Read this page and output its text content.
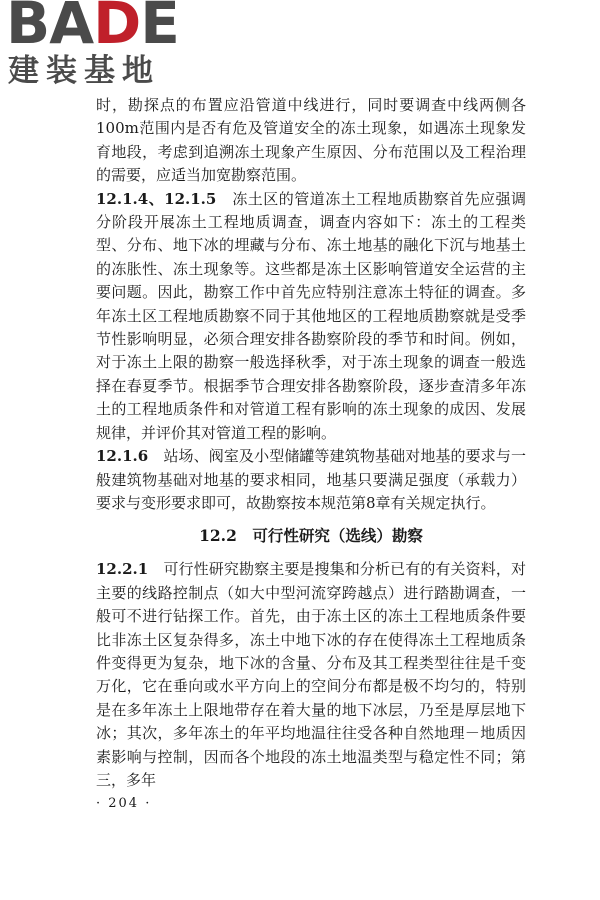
BADE
建装基地

时，勘探点的布置应沿管道中线进行，同时要调查中线两侧各100m范围内是否有危及管道安全的冻土现象，如遇冻土现象发育地段，考虑到追溯冻土现象产生原因、分布范围以及工程治理的需要，应适当加宽勘察范围。

12.1.4、12.1.5　 冻土区的管道冻土工程地质勘察首先应强调分阶段开展冻土工程地质调查，调查内容如下：冻土的工程类型、分布、地下冰的埋藏与分布、冻土地基的融化下沉与地基土的冻胀性、冻土现象等。这些都是冻土区影响管道安全运营的主要问题。因此，勘察工作中首先应特别注意冻土特征的调查。多年冻土区工程地质勘察不同于其他地区的工程地质勘察就是受季节性影响明显，必须合理安排各勘察阶段的季节和时间。例如，对于冻土上限的勘察一般选择秋季，对于冻土现象的调查一般选择在春夏季节。根据季节合理安排各勘察阶段，逐步查清多年冻土的工程地质条件和对管道工程有影响的冻土现象的成因、发展规律，并评价其对管道工程的影响。

12.1.6　 站场、阀室及小型储罐等建筑物基础对地基的要求与一般建筑物基础对地基的要求相同，地基只要满足强度（承载力）要求与变形要求即可，故勘察按本规范第8章有关规定执行。

12.2　可行性研究（选线）勘察

12.2.1　 可行性研究勘察主要是搜集和分析已有的有关资料，对主要的线路控制点（如大中型河流穿跨越点）进行踏勘调查，一般可不进行钻探工作。首先，由于冻土区的冻土工程地质条件要比非冻土区复杂得多，冻土中地下冰的存在使得冻土工程地质条件变得更为复杂，地下冰的含量、分布及其工程类型往往是千变万化，它在垂向或水平方向上的空间分布都是极不均匀的，特别是在多年冻土上限地带存在着大量的地下冰层，乃至是厚层地下冰；其次，多年冻土的年平均地温往往受各种自然地理－地质因素影响与控制，因而各个地段的冻土地温类型与稳定性不同；第三，多年

· 204 ·
